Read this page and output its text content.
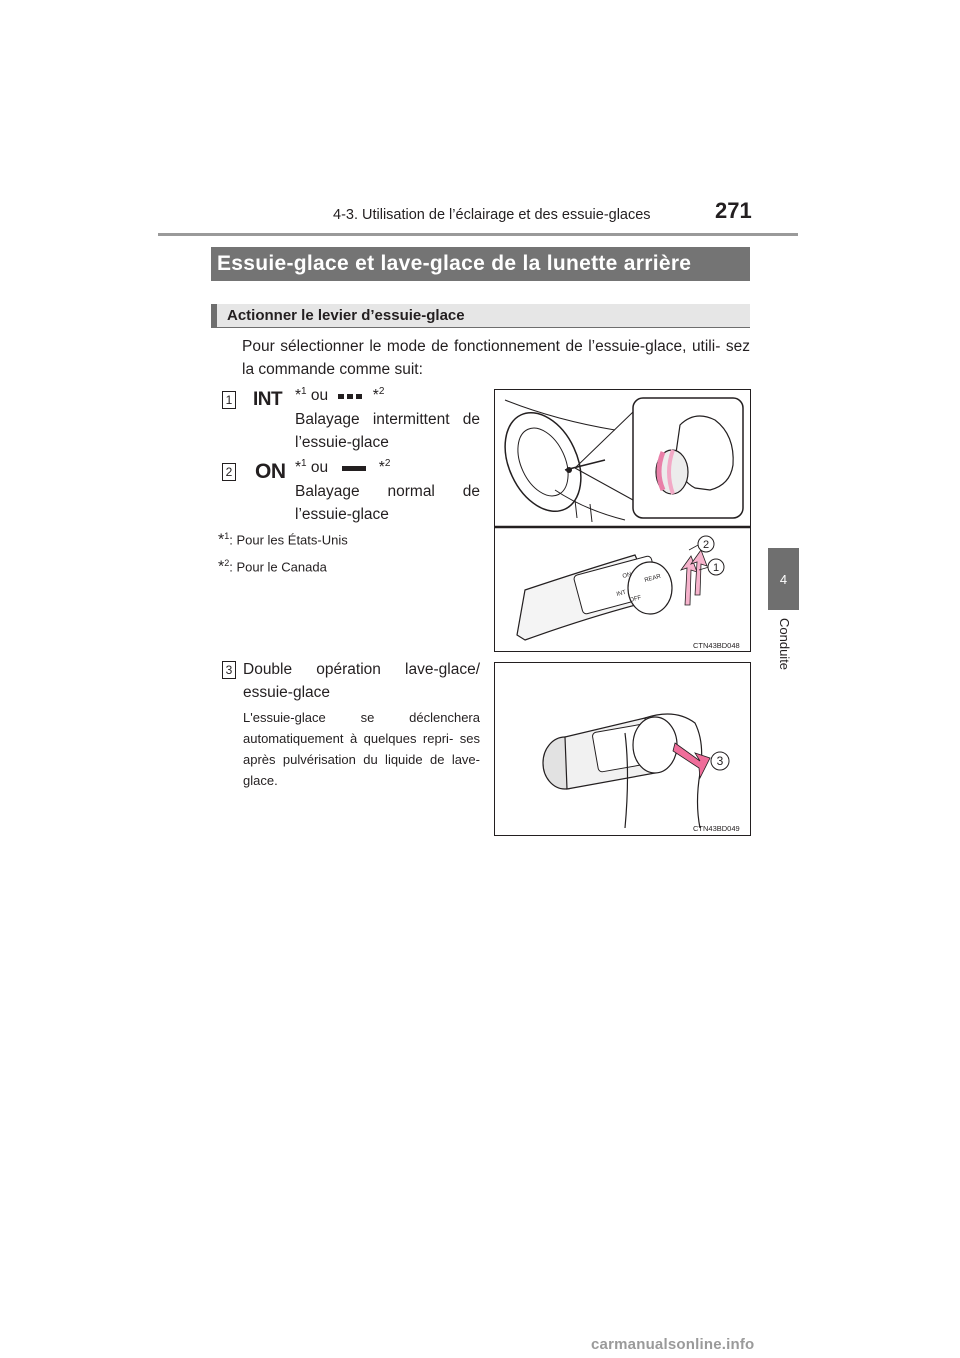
4-3. Utilisation de l’éclairage et des essuie-glaces	271
4
Conduite
Essuie-glace et lave-glace de la lunette arrière
Actionner le levier d’essuie-glace
Pour sélectionner le mode de fonctionnement de l’essuie-glace, utili- sez la commande comme suit:
1 INT *$^1$ ou	*$^2$
Balayage intermittent de l’essuie-glace
2 ON *$^1$ ou	*$^2$
Balayage normal de l’essuie-glace
*$^1$: Pour les États-Unis
*$^2$: Pour le Canada
3 Double opération lave-glace/ essuie-glace
L'essuie-glace se déclenchera automatiquement à quelques repri- ses après pulvérisation du liquide de lave-glace.
ON
INT
OFF
REAR
2
1
CTN43BD048
3
CTN43BD049
carmanualsonline.info
